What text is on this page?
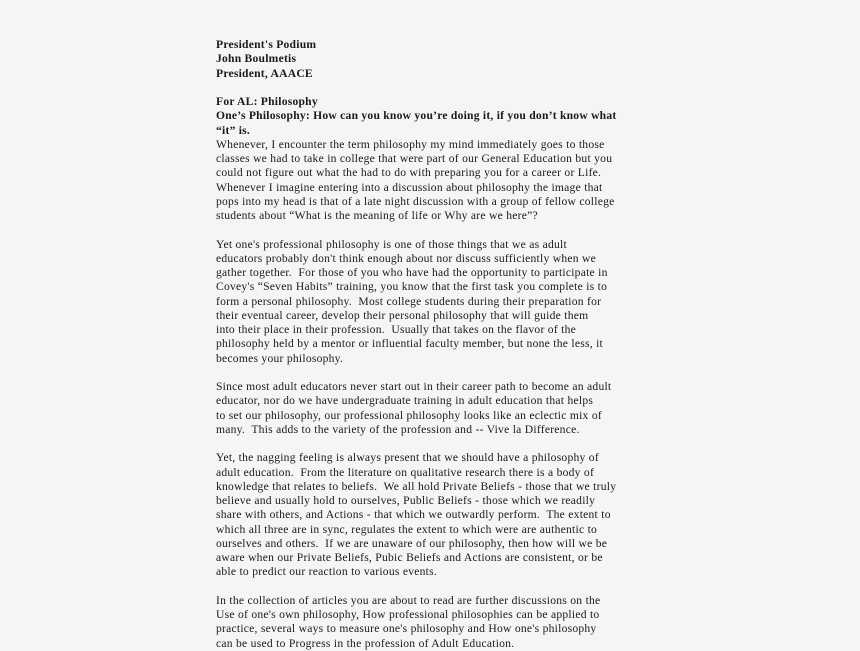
President's Podium
John Boulmetis
President, AAACE

For AL: Philosophy
One’s Philosophy: How can you know you’re doing it, if you don’t know what
“it” is.
Whenever, I encounter the term philosophy my mind immediately goes to those
classes we had to take in college that were part of our General Education but you
could not figure out what the had to do with preparing you for a career or Life.
Whenever I imagine entering into a discussion about philosophy the image that
pops into my head is that of a late night discussion with a group of fellow college
students about “What is the meaning of life or Why are we here”?

Yet one's professional philosophy is one of those things that we as adult
educators probably don't think enough about nor discuss sufficiently when we
gather together.  For those of you who have had the opportunity to participate in
Covey's “Seven Habits” training, you know that the first task you complete is to
form a personal philosophy.  Most college students during their preparation for
their eventual career, develop their personal philosophy that will guide them
into their place in their profession.  Usually that takes on the flavor of the
philosophy held by a mentor or influential faculty member, but none the less, it
becomes your philosophy.

Since most adult educators never start out in their career path to become an adult
educator, nor do we have undergraduate training in adult education that helps
to set our philosophy, our professional philosophy looks like an eclectic mix of
many.  This adds to the variety of the profession and -- Vive la Difference.

Yet, the nagging feeling is always present that we should have a philosophy of
adult education.  From the literature on qualitative research there is a body of
knowledge that relates to beliefs.  We all hold Private Beliefs - those that we truly
believe and usually hold to ourselves, Public Beliefs - those which we readily
share with others, and Actions - that which we outwardly perform.  The extent to
which all three are in sync, regulates the extent to which were are authentic to
ourselves and others.  If we are unaware of our philosophy, then how will we be
aware when our Private Beliefs, Pubic Beliefs and Actions are consistent, or be
able to predict our reaction to various events.

In the collection of articles you are about to read are further discussions on the
Use of one's own philosophy, How professional philosophies can be applied to
practice, several ways to measure one's philosophy and How one's philosophy
can be used to Progress in the profession of Adult Education.
